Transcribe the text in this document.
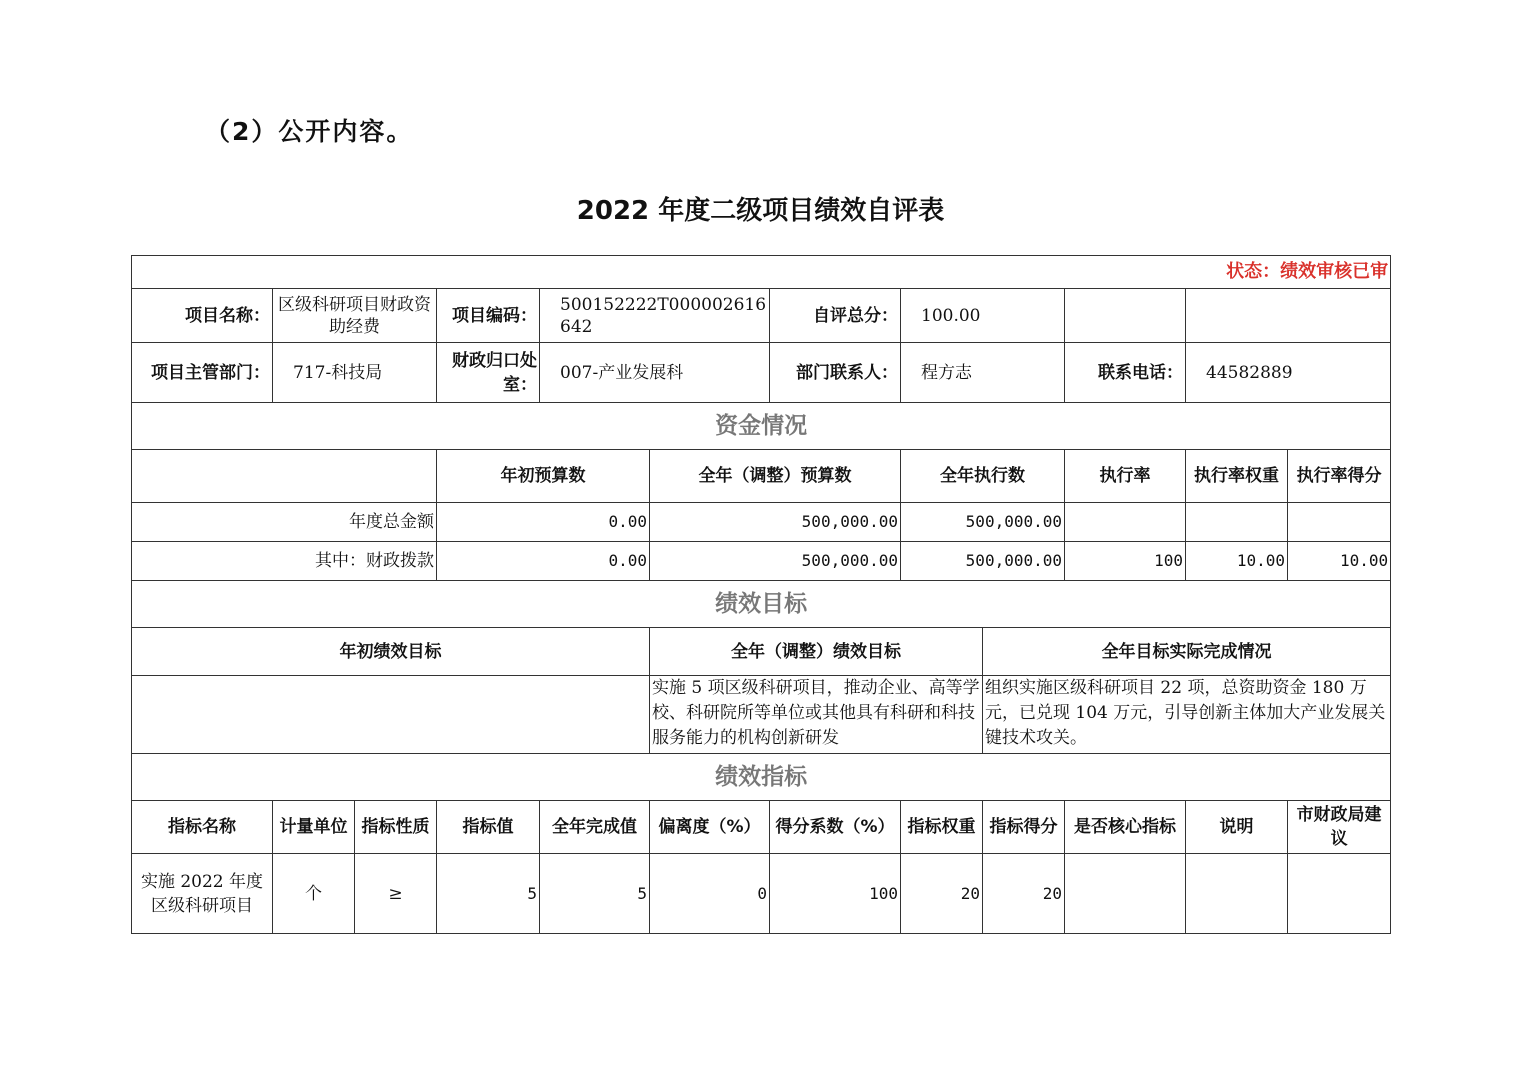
（2）公开内容。
2022 年度二级项目绩效自评表
状态：绩效审核已审											
项目名称：	区级科研项目财政资助经费		项目编码：	500152222T000002616642		自评总分：	100.00				
项目主管部门：	717-科技局		财政归口处室：	007-产业发展科		部门联系人：	程方志		联系电话：	44582889	
资金情况											
			年初预算数		全年（调整）预算数		全年执行数		执行率	执行率权重	执行率得分
年度总金额			0.00		500,000.00		500,000.00				
其中：财政拨款			0.00		500,000.00		500,000.00		100	10.00	10.00
绩效目标											
年初绩效目标					全年（调整）绩效目标			全年目标实际完成情况			
					实施 5 项区级科研项目，推动企业、高等学校、科研院所等单位或其他具有科研和科技服务能力的机构创新研发			组织实施区级科研项目 22 项，总资助资金 180 万元，已兑现 104 万元，引导创新主体加大产业发展关键技术攻关。			
绩效指标											
指标名称	计量单位	指标性质	指标值	全年完成值	偏离度（%）	得分系数（%）	指标权重	指标得分	是否核心指标	说明	市财政局建议
实施 2022 年度区级科研项目	个	≥	5	5	0	100	20	20			
